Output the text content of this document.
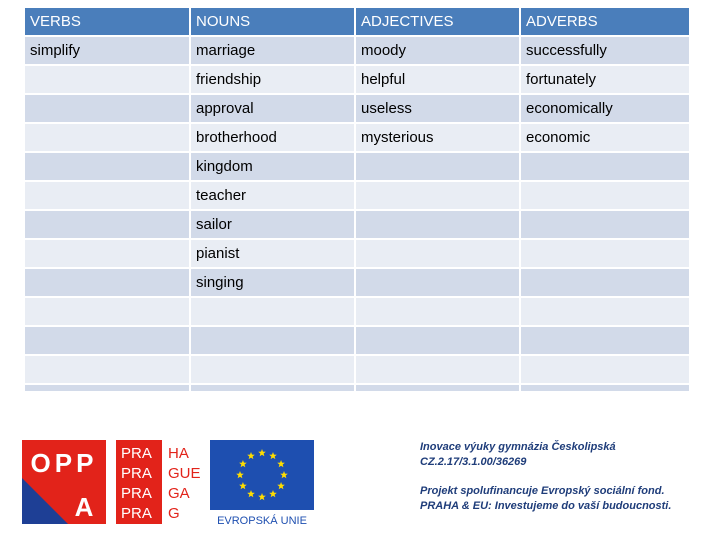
VERBS	NOUNS	ADJECTIVES	ADVERBS
simplify	marriage	moody	successfully
	friendship	helpful	fortunately
	approval	useless	economically
	brotherhood	mysterious	economic
	kingdom		
	teacher		
	sailor		
	pianist		
	singing		

OPP
A
PRA
PRA
PRA
PRA
HA
GUE
GA
G	EVROPSKÁ UNIE

Inovace výuky gymnázia Českolipská

CZ.2.17/3.1.00/36269

Projekt spolufinancuje Evropský sociální fond.

PRAHA & EU: Investujeme do vaší budoucnosti.
